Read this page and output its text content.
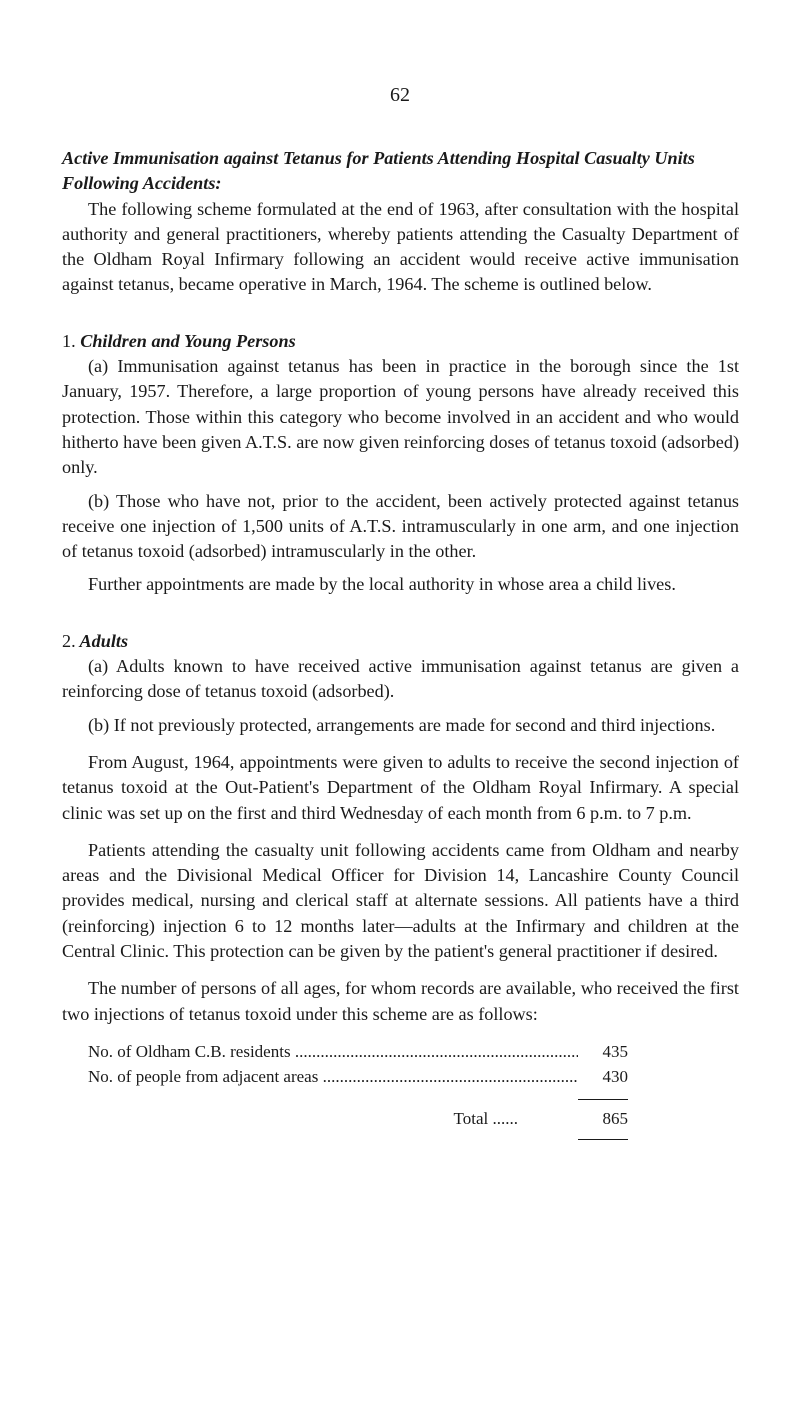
62

Active Immunisation against Tetanus for Patients Attending Hospital Casualty Units Following Accidents:

The following scheme formulated at the end of 1963, after consultation with the hospital authority and general practitioners, whereby patients attending the Casualty Department of the Oldham Royal Infirmary following an accident would receive active immunisation against tetanus, became operative in March, 1964. The scheme is outlined below.

1. Children and Young Persons

(a) Immunisation against tetanus has been in practice in the borough since the 1st January, 1957. Therefore, a large proportion of young persons have already received this protection. Those within this category who become involved in an accident and who would hitherto have been given A.T.S. are now given reinforcing doses of tetanus toxoid (adsorbed) only.

(b) Those who have not, prior to the accident, been actively protected against tetanus receive one injection of 1,500 units of A.T.S. intramuscularly in one arm, and one injection of tetanus toxoid (adsorbed) intramuscularly in the other.

Further appointments are made by the local authority in whose area a child lives.

2. Adults

(a) Adults known to have received active immunisation against tetanus are given a reinforcing dose of tetanus toxoid (adsorbed).

(b) If not previously protected, arrangements are made for second and third injections.

From August, 1964, appointments were given to adults to receive the second injection of tetanus toxoid at the Out-Patient's Department of the Oldham Royal Infirmary. A special clinic was set up on the first and third Wednesday of each month from 6 p.m. to 7 p.m.

Patients attending the casualty unit following accidents came from Oldham and nearby areas and the Divisional Medical Officer for Division 14, Lancashire County Council provides medical, nursing and clerical staff at alternate sessions. All patients have a third (reinforcing) injection 6 to 12 months later—adults at the Infirmary and children at the Central Clinic. This protection can be given by the patient's general practitioner if desired.

The number of persons of all ages, for whom records are available, who received the first two injections of tetanus toxoid under this scheme are as follows:

No. of Oldham C.B. residents .....	435
No. of people from adjacent areas .....	430
Total ......	865
